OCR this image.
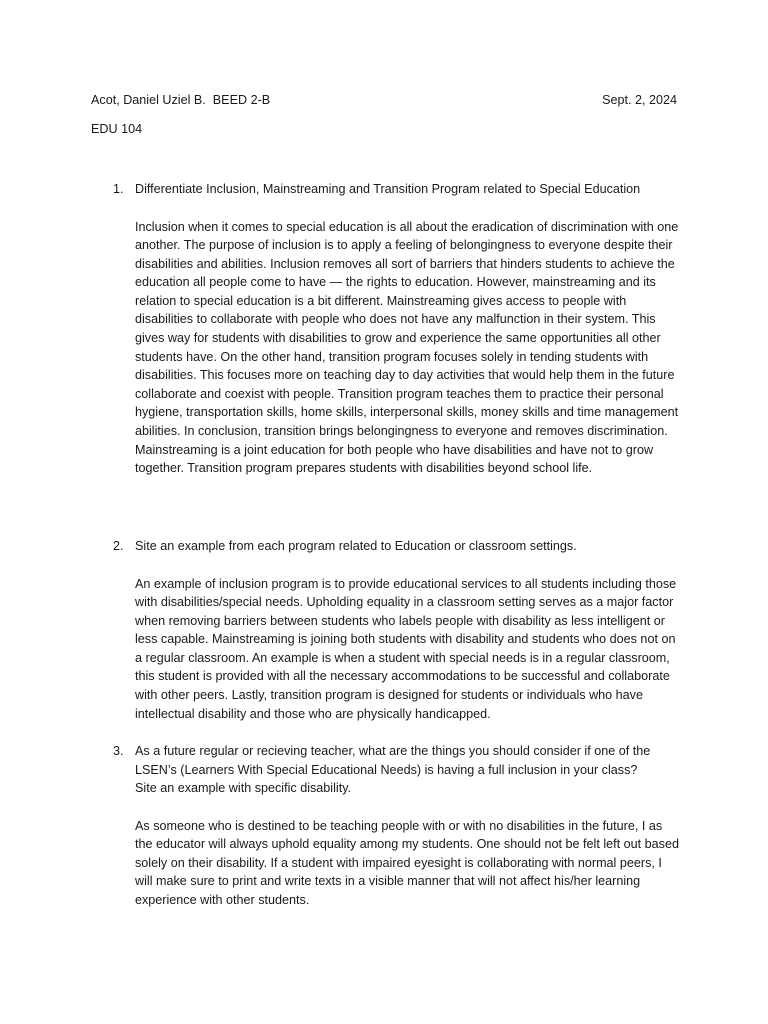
Acot, Daniel Uziel B.  BEED 2-B	Sept. 2, 2024
EDU 104
1. Differentiate Inclusion, Mainstreaming and Transition Program related to Special Education
Inclusion when it comes to special education is all about the eradication of discrimination with one another. The purpose of inclusion is to apply a feeling of belongingness to everyone despite their disabilities and abilities. Inclusion removes all sort of barriers that hinders students to achieve the education all people come to have — the rights to education. However, mainstreaming and its relation to special education is a bit different. Mainstreaming gives access to people with disabilities to collaborate with people who does not have any malfunction in their system. This gives way for students with disabilities to grow and experience the same opportunities all other students have. On the other hand, transition program focuses solely in tending students with disabilities. This focuses more on teaching day to day activities that would help them in the future collaborate and coexist with people. Transition program teaches them to practice their personal hygiene, transportation skills, home skills, interpersonal skills, money skills and time management abilities. In conclusion, transition brings belongingness to everyone and removes discrimination. Mainstreaming is a joint education for both people who have disabilities and have not to grow together. Transition program prepares students with disabilities beyond school life.
2. Site an example from each program related to Education or classroom settings.
An example of inclusion program is to provide educational services to all students including those with disabilities/special needs. Upholding equality in a classroom setting serves as a major factor when removing barriers between students who labels people with disability as less intelligent or less capable. Mainstreaming is joining both students with disability and students who does not on a regular classroom. An example is when a student with special needs is in a regular classroom, this student is provided with all the necessary accommodations to be successful and collaborate with other peers. Lastly, transition program is designed for students or individuals who have intellectual disability and those who are physically handicapped.
3. As a future regular or recieving teacher, what are the things you should consider if one of the LSEN’s (Learners With Special Educational Needs) is having a full inclusion in your class?
Site an example with specific disability.
As someone who is destined to be teaching people with or with no disabilities in the future, I as the educator will always uphold equality among my students. One should not be felt left out based solely on their disability. If a student with impaired eyesight is collaborating with normal peers, I will make sure to print and write texts in a visible manner that will not affect his/her learning experience with other students.
